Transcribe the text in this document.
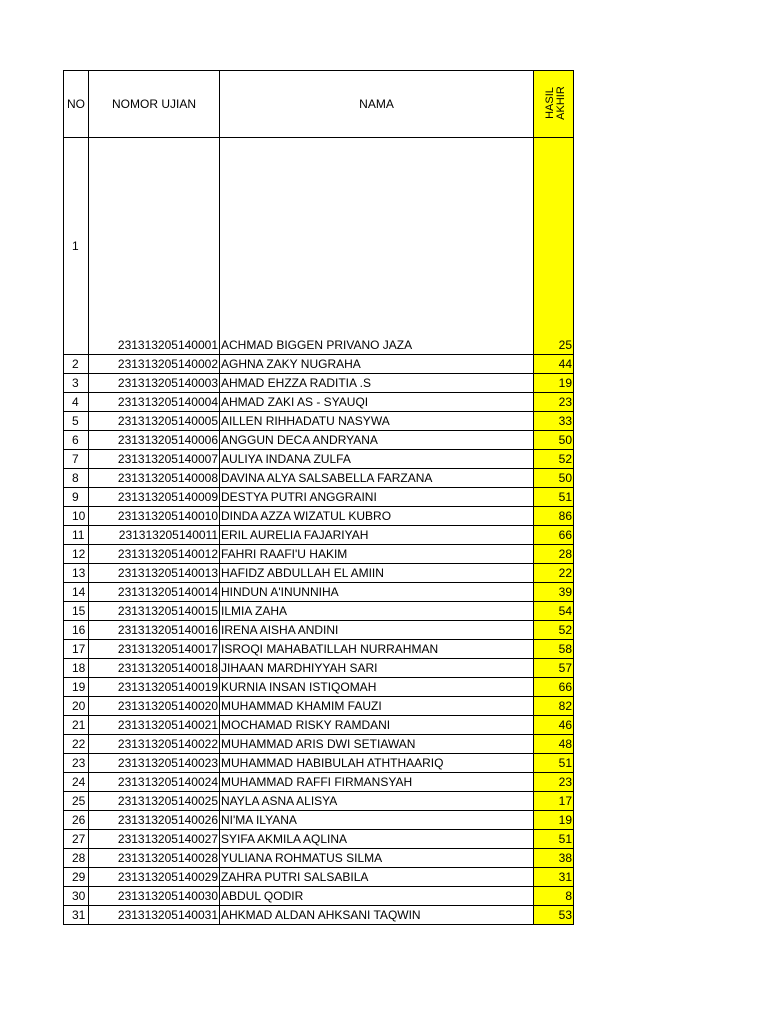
NO	NOMOR UJIAN	NAMA	HASIL AKHIR
1	231313205140001	ACHMAD BIGGEN PRIVANO JAZA	25
2	231313205140002	AGHNA ZAKY NUGRAHA	44
3	231313205140003	AHMAD EHZZA RADITIA .S	19
4	231313205140004	AHMAD ZAKI AS - SYAUQI	23
5	231313205140005	AILLEN RIHHADATU NASYWA	33
6	231313205140006	ANGGUN DECA ANDRYANA	50
7	231313205140007	AULIYA INDANA ZULFA	52
8	231313205140008	DAVINA ALYA SALSABELLA FARZANA	50
9	231313205140009	DESTYA PUTRI ANGGRAINI	51
10	231313205140010	DINDA AZZA WIZATUL KUBRO	86
11	231313205140011	ERIL AURELIA FAJARIYAH	66
12	231313205140012	FAHRI RAAFI'U HAKIM	28
13	231313205140013	HAFIDZ ABDULLAH EL AMIIN	22
14	231313205140014	HINDUN A'INUNNIHA	39
15	231313205140015	ILMIA ZAHA	54
16	231313205140016	IRENA AISHA ANDINI	52
17	231313205140017	ISROQI MAHABATILLAH NURRAHMAN	58
18	231313205140018	JIHAAN MARDHIYYAH SARI	57
19	231313205140019	KURNIA INSAN ISTIQOMAH	66
20	231313205140020	MUHAMMAD KHAMIM FAUZI	82
21	231313205140021	MOCHAMAD RISKY RAMDANI	46
22	231313205140022	MUHAMMAD ARIS DWI SETIAWAN	48
23	231313205140023	MUHAMMAD HABIBULAH ATHTHAARIQ	51
24	231313205140024	MUHAMMAD RAFFI FIRMANSYAH	23
25	231313205140025	NAYLA ASNA ALISYA	17
26	231313205140026	NI'MA ILYANA	19
27	231313205140027	SYIFA AKMILA AQLINA	51
28	231313205140028	YULIANA ROHMATUS SILMA	38
29	231313205140029	ZAHRA PUTRI SALSABILA	31
30	231313205140030	ABDUL QODIR	8
31	231313205140031	AHKMAD ALDAN AHKSANI TAQWIN	53
